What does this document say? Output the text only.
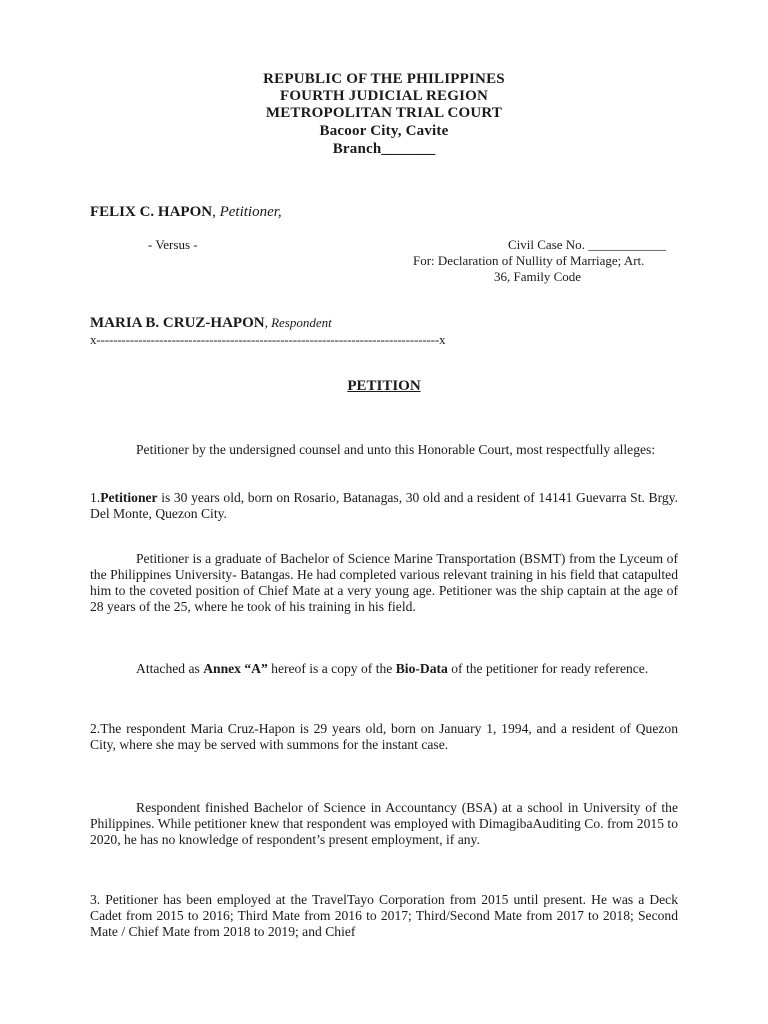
REPUBLIC OF THE PHILIPPINES
FOURTH JUDICIAL REGION
METROPOLITAN TRIAL COURT
Bacoor City, Cavite
Branch_______
FELIX C. HAPON, Petitioner,
- Versus -	Civil Case No. ____________
For: Declaration of Nullity of Marriage; Art.
36, Family Code
MARIA B. CRUZ-HAPON, Respondent
x----------------------------------------------------------------------------------x
PETITION
Petitioner by the undersigned counsel and unto this Honorable Court, most respectfully alleges:
1.Petitioner is 30 years old, born on Rosario, Batanagas, 30 old and a resident of 14141 Guevarra St. Brgy. Del Monte, Quezon City.
Petitioner is a graduate of Bachelor of Science Marine Transportation (BSMT) from the Lyceum of the Philippines University- Batangas. He had completed various relevant training in his field that catapulted him to the coveted position of Chief Mate at a very young age. Petitioner was the ship captain at the age of 28 years of the 25, where he took of his training in his field.
Attached as Annex “A” hereof is a copy of the Bio-Data of the petitioner for ready reference.
2.The respondent Maria Cruz-Hapon is 29 years old, born on January 1, 1994, and a resident of Quezon City, where she may be served with summons for the instant case.
Respondent finished Bachelor of Science in Accountancy (BSA) at a school in University of the Philippines. While petitioner knew that respondent was employed with DimagibaAuditing Co. from 2015 to 2020, he has no knowledge of respondent’s present employment, if any.
3. Petitioner has been employed at the TravelTayo Corporation from 2015 until present. He was a Deck Cadet from 2015 to 2016; Third Mate from 2016 to 2017; Third/Second Mate from 2017 to 2018; Second Mate / Chief Mate from 2018 to 2019; and Chief
